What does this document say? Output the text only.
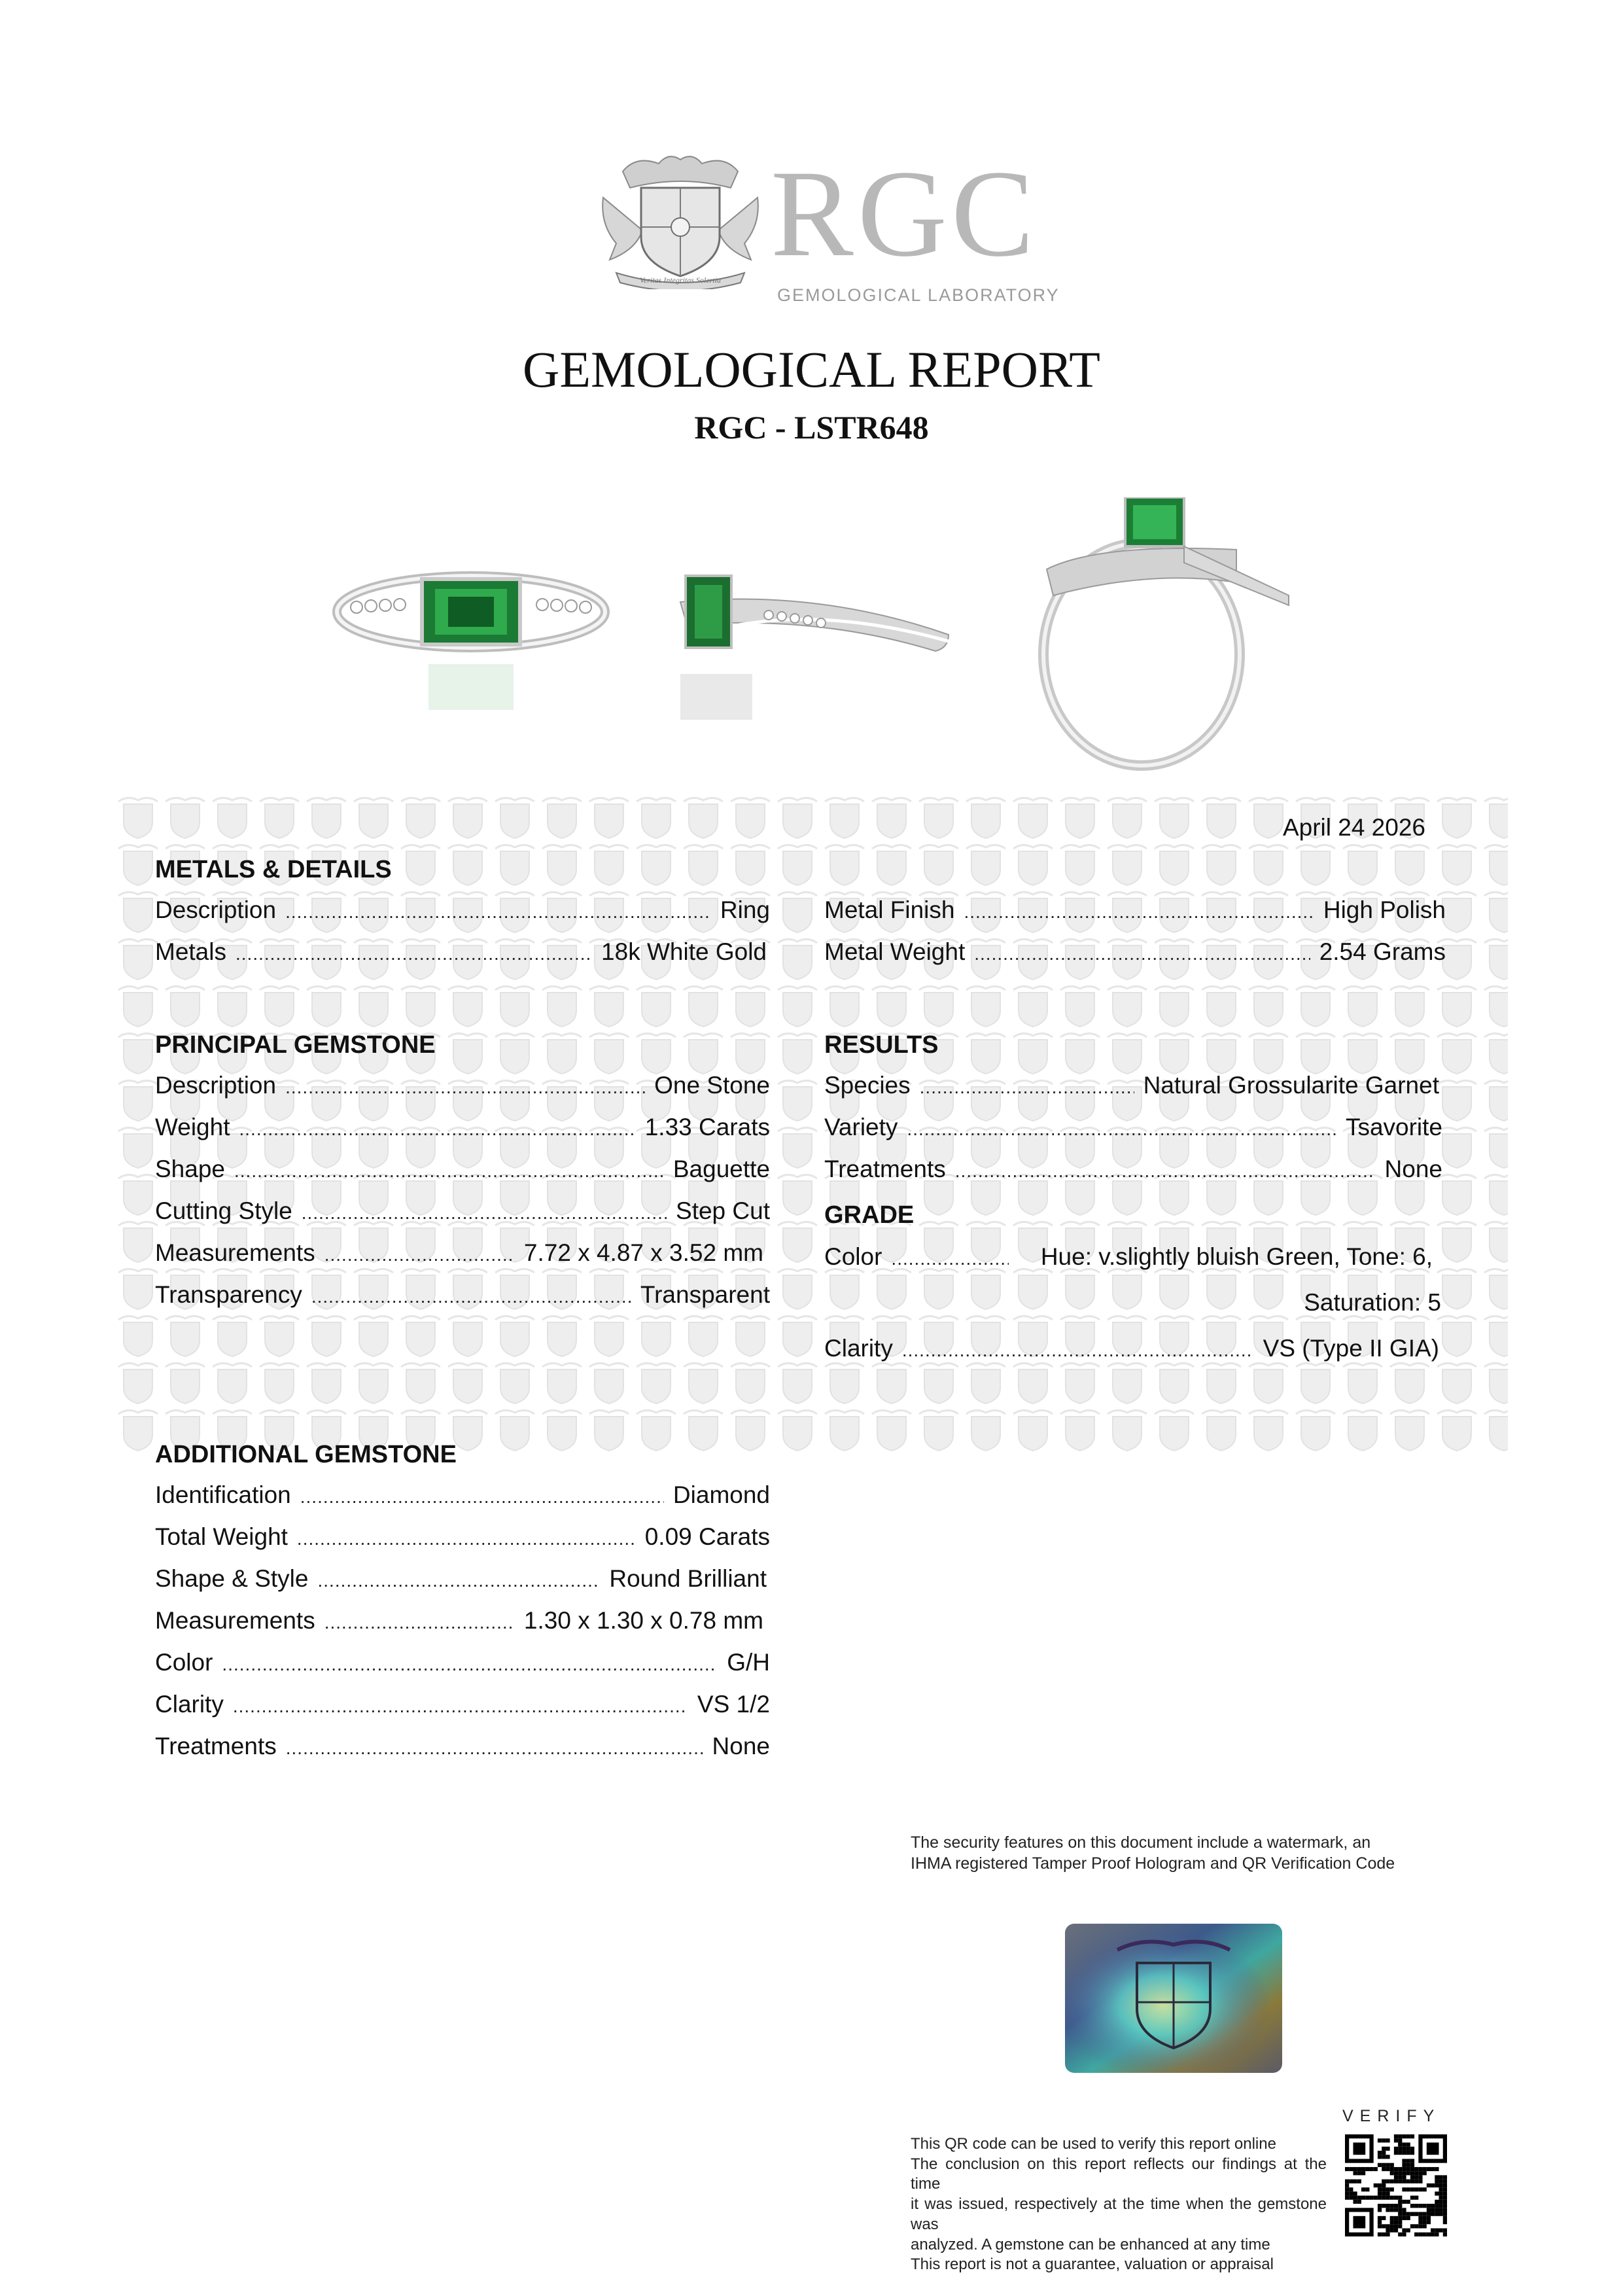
Veritas Integritas Solertia RGC
GEMOLOGICAL LABORATORY
GEMOLOGICAL REPORT
RGC - LSTR648
April 24 2026
METALS & DETAILS
Description .....	Ring
Metals .....	18k White Gold
Metal Finish .....	High Polish
Metal Weight .....	2.54 Grams
PRINCIPAL GEMSTONE
Description .....	One Stone
Weight .....	1.33 Carats
Shape .....	Baguette
Cutting Style .....	Step Cut
Measurements .....	7.72 x 4.87 x 3.52 mm
Transparency .....	Transparent
RESULTS
Species .....	Natural Grossularite Garnet
Variety .....	Tsavorite
Treatments .....	None
GRADE
Color .....	Hue: v.slightly bluish Green, Tone: 6,
Saturation: 5
Clarity .....	VS (Type II GIA)
ADDITIONAL GEMSTONE
Identification .....	Diamond
Total Weight .....	0.09 Carats
Shape & Style .....	Round Brilliant
Measurements .....	1.30 x 1.30 x 0.78 mm
Color .....	G/H
Clarity .....	VS 1/2
Treatments .....	None
The security features on this document include a watermark, an
IHMA registered Tamper Proof Hologram and QR Verification Code
VERIFY
This QR code can be used to verify this report online
The conclusion on this report reflects our findings at the time
it was issued, respectively at the time when the gemstone was
analyzed. A gemstone can be enhanced at any time
This report is not a guarantee, valuation or appraisal
